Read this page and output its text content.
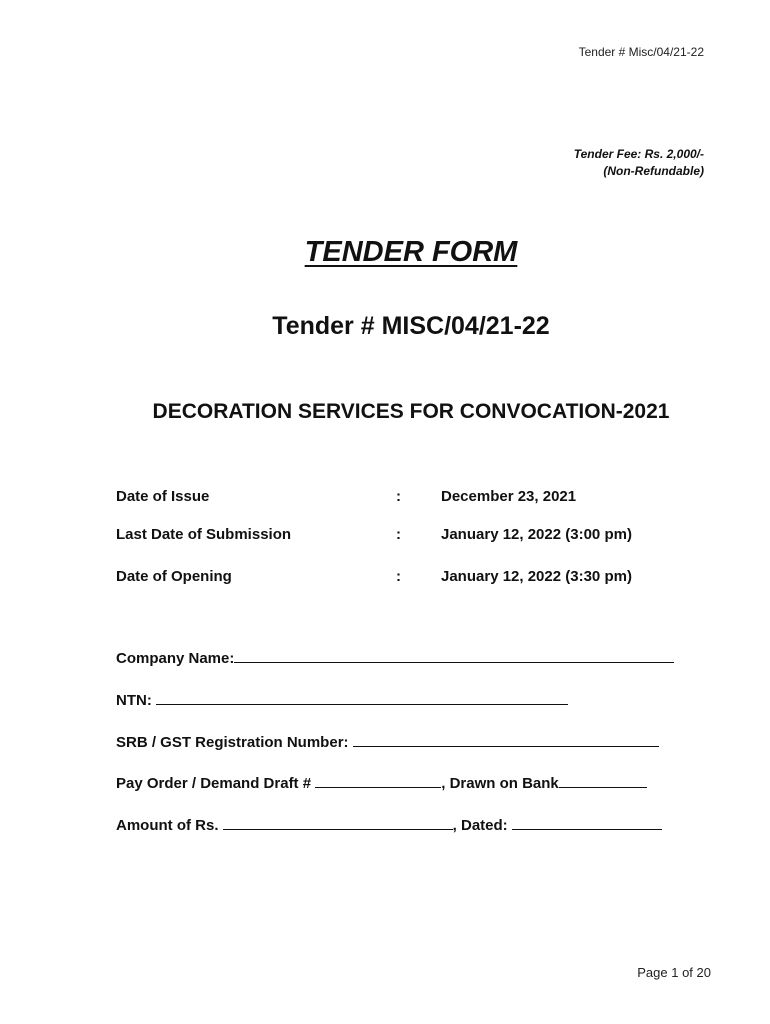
Tender # Misc/04/21-22
Tender Fee: Rs. 2,000/-
(Non-Refundable)
TENDER FORM
Tender # MISC/04/21-22
DECORATION SERVICES FOR CONVOCATION-2021
Date of Issue	:	December 23, 2021
Last Date of Submission	:	January 12, 2022 (3:00 pm)
Date of Opening	:	January 12, 2022 (3:30 pm)
Company Name:
NTN:
SRB / GST Registration Number:
Pay Order / Demand Draft #	, Drawn on Bank
Amount of Rs.	, Dated:
Page 1 of 20
